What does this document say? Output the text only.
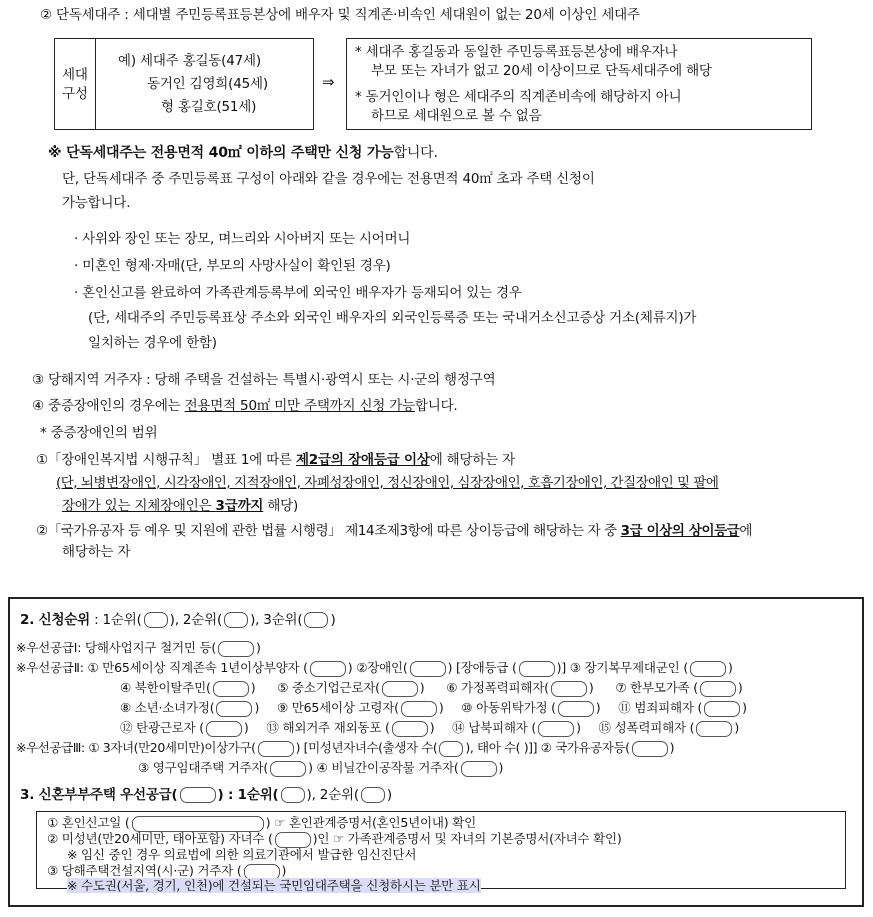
② 단독세대주 : 세대별 주민등록표등본상에 배우자 및 직계존·비속인 세대원이 없는 20세 이상인 세대주
세대
구성
예) 세대주 홍길동(47세)
동거인 김영희(45세)
형 홍길호(51세)
⇒
* 세대주 홍길동과 동일한 주민등록표등본상에 배우자나
부모 또는 자녀가 없고 20세 이상이므로 단독세대주에 해당
* 동거인이나 형은 세대주의 직계존비속에 해당하지 아니
하므로 세대원으로 볼 수 없음
※ 단독세대주는 전용면적 40㎡ 이하의 주택만 신청 가능합니다.
단, 단독세대주 중 주민등록표 구성이 아래와 같을 경우에는 전용면적 40㎡ 초과 주택 신청이
가능합니다.
· 사위와 장인 또는 장모, 며느리와 시아버지 또는 시어머니
· 미혼인 형제·자매(단, 부모의 사망사실이 확인된 경우)
· 혼인신고를 완료하여 가족관계등록부에 외국인 배우자가 등재되어 있는 경우
(단, 세대주의 주민등록표상 주소와 외국인 배우자의 외국인등록증 또는 국내거소신고증상 거소(체류지)가
일치하는 경우에 한함)
③ 당해지역 거주자 : 당해 주택을 건설하는 특별시·광역시 또는 시·군의 행정구역
④ 중증장애인의 경우에는 전용면적 50㎡ 미만 주택까지 신청 가능합니다.
* 중증장애인의 범위
①「장애인복지법 시행규칙」 별표 1에 따른 제2급의 장애등급 이상에 해당하는 자
(단, 뇌병변장애인, 시각장애인, 지적장애인, 자폐성장애인, 정신장애인, 심장장애인, 호흡기장애인, 간질장애인 및 팔에
장애가 있는 지체장애인은 3급까지 해당)
②「국가유공자 등 예우 및 지원에 관한 법률 시행령」 제14조제3항에 따른 상이등급에 해당하는 자 중 3급 이상의 상이등급에
해당하는 자
2. 신청순위 : 1순위( ), 2순위( ), 3순위( )
※우선공급Ⅰ: 당해사업지구 철거민 등(	)
※우선공급Ⅱ: ① 만65세이상 직계존속 1년이상부양자 (	) ②장애인(	) [장애등급 (	)] ③ 장기복무제대군인 (	)
④ 북한이탈주민(	) ⑤ 중소기업근로자(	) ⑥ 가정폭력피해자(	) ⑦ 한부모가족 (	)
⑧ 소년·소녀가정(	) ⑨ 만65세이상 고령자(	) ⑩ 아동위탁가정 (	) ⑪ 범죄피해자 (	)
⑫ 탄광근로자 (	) ⑬ 해외거주 재외동포 (	) ⑭ 납북피해자 (	) ⑮ 성폭력피해자 (	)
※우선공급Ⅲ: ① 3자녀(만20세미만)이상가구(	) [미성년자녀수(출생자 수( ), 태아 수( )]] ② 국가유공자등(	)
③ 영구임대주택 거주자(	) ④ 비닐간이공작물 거주자(	)
3. 신혼부부주택 우선공급(	) : 1순위( ), 2순위( )
① 혼인신고일 (	) ☞ 혼인관계증명서(혼인5년이내) 확인
② 미성년(만20세미만, 태아포함) 자녀수 (	)인 ☞ 가족관계증명서 및 자녀의 기본증명서(자녀수 확인)
※ 임신 중인 경우 의료법에 의한 의료기관에서 발급한 임신진단서
③ 당해주택건설지역(시·군) 거주자 (	)
※ 수도권(서울, 경기, 인천)에 건설되는 국민임대주택을 신청하시는 분만 표시
